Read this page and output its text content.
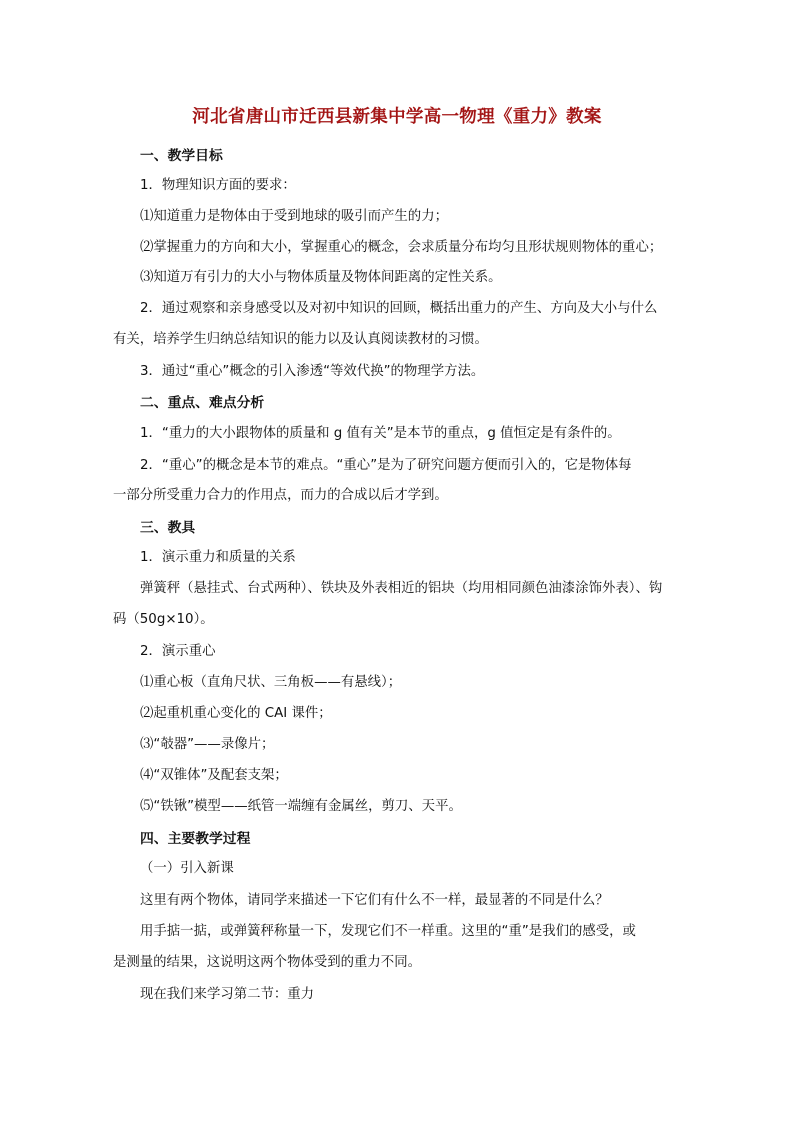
河北省唐山市迁西县新集中学高一物理《重力》教案
一、教学目标
1．物理知识方面的要求：
⑴知道重力是物体由于受到地球的吸引而产生的力；
⑵掌握重力的方向和大小，掌握重心的概念，会求质量分布均匀且形状规则物体的重心；
⑶知道万有引力的大小与物体质量及物体间距离的定性关系。
2．通过观察和亲身感受以及对初中知识的回顾，概括出重力的产生、方向及大小与什么
有关，培养学生归纳总结知识的能力以及认真阅读教材的习惯。
3．通过“重心”概念的引入渗透“等效代换”的物理学方法。
二、重点、难点分析
1．“重力的大小跟物体的质量和 g 值有关”是本节的重点，g 值恒定是有条件的。
2．“重心”的概念是本节的难点。“重心”是为了研究问题方便而引入的，它是物体每
一部分所受重力合力的作用点，而力的合成以后才学到。
三、教具
1．演示重力和质量的关系
弹簧秤（悬挂式、台式两种）、铁块及外表相近的铝块（均用相同颜色油漆涂饰外表）、钩
码（50g×10）。
2．演示重心
⑴重心板（直角尺状、三角板——有悬线）；
⑵起重机重心变化的 CAI 课件；
⑶“攲器”——录像片；
⑷“双锥体”及配套支架；
⑸“铁锹”模型——纸管一端缠有金属丝，剪刀、天平。
四、主要教学过程
（一）引入新课
这里有两个物体，请同学来描述一下它们有什么不一样，最显著的不同是什么？
用手掂一掂，或弹簧秤称量一下，发现它们不一样重。这里的“重”是我们的感受，或
是测量的结果，这说明这两个物体受到的重力不同。
现在我们来学习第二节：重力
